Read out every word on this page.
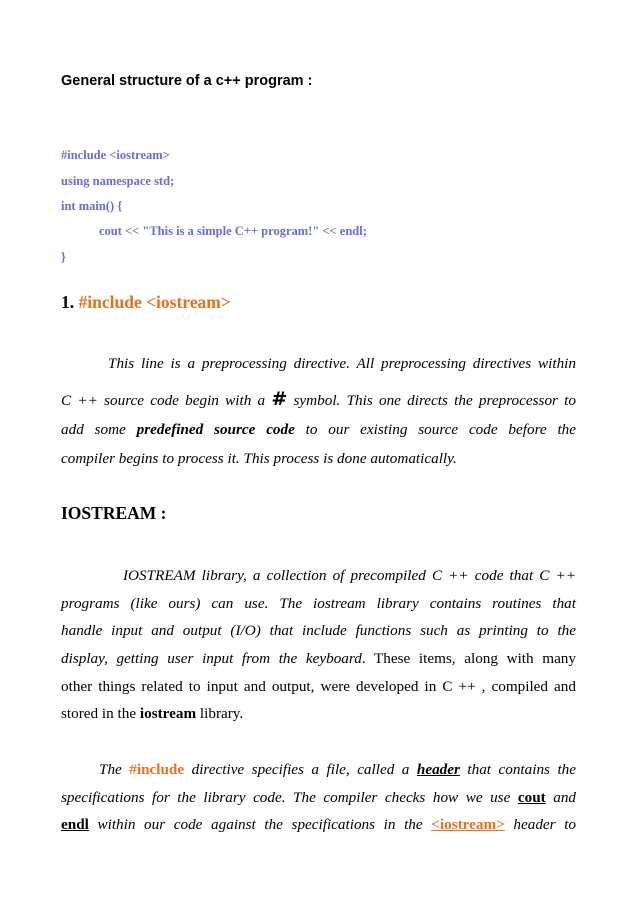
General structure of a c++ program :
#include <iostream>
using namespace std;
int main() {
cout << "This is a simple C++ program!" << endl;
}
1. #include <iostream>
This line is a preprocessing directive. All preprocessing directives within
C ++ source code begin with a # symbol. This one directs the preprocessor to
add some predefined source code to our existing source code before the
compiler begins to process it. This process is done automatically.
IOSTREAM :
IOSTREAM library, a collection of precompiled C ++ code that C ++
programs (like ours) can use. The iostream library contains routines that
handle input and output (I/O) that include functions such as printing to the
display, getting user input from the keyboard. These items, along with many
other things related to input and output, were developed in C ++ , compiled and
stored in the iostream library.
The #include directive specifies a file, called a header that contains the
specifications for the library code. The compiler checks how we use cout and
endl within our code against the specifications in the <iostream> header to
